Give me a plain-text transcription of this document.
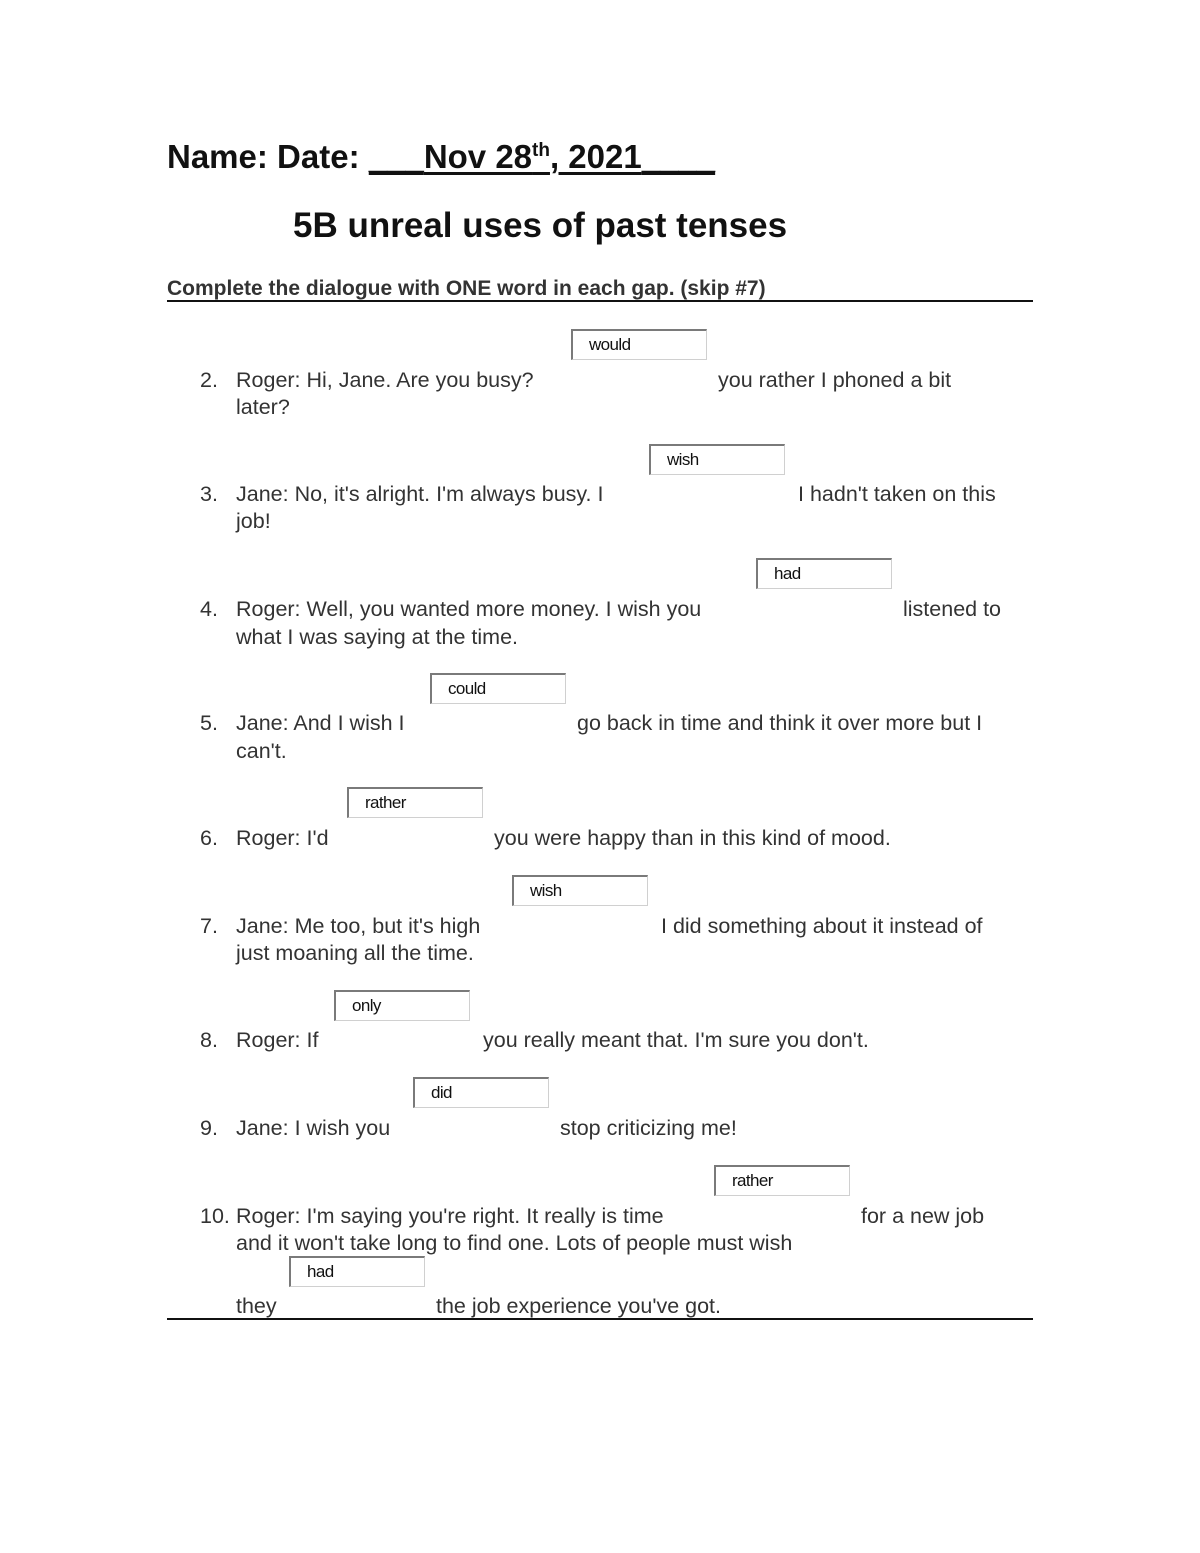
Name: Date: ___Nov 28th, 2021____
5B unreal uses of past tenses
Complete the dialogue with ONE word in each gap. (skip #7)
would
2. Roger: Hi, Jane. Are you busy?	you rather I phoned a bit
later?
wish
3. Jane: No, it's alright. I'm always busy. I	I hadn't taken on this
job!
had
4. Roger: Well, you wanted more money. I wish you	listened to
what I was saying at the time.
could
5. Jane: And I wish I	go back in time and think it over more but I
can't.
rather
6. Roger: I'd	you were happy than in this kind of mood.
wish
7. Jane: Me too, but it's high	I did something about it instead of
just moaning all the time.
only
8. Roger: If	you really meant that. I'm sure you don't.
did
9. Jane: I wish you	stop criticizing me!
rather
10. Roger: I'm saying you're right. It really is time	for a new job
and it won't take long to find one. Lots of people must wish
had
they	the job experience you've got.
